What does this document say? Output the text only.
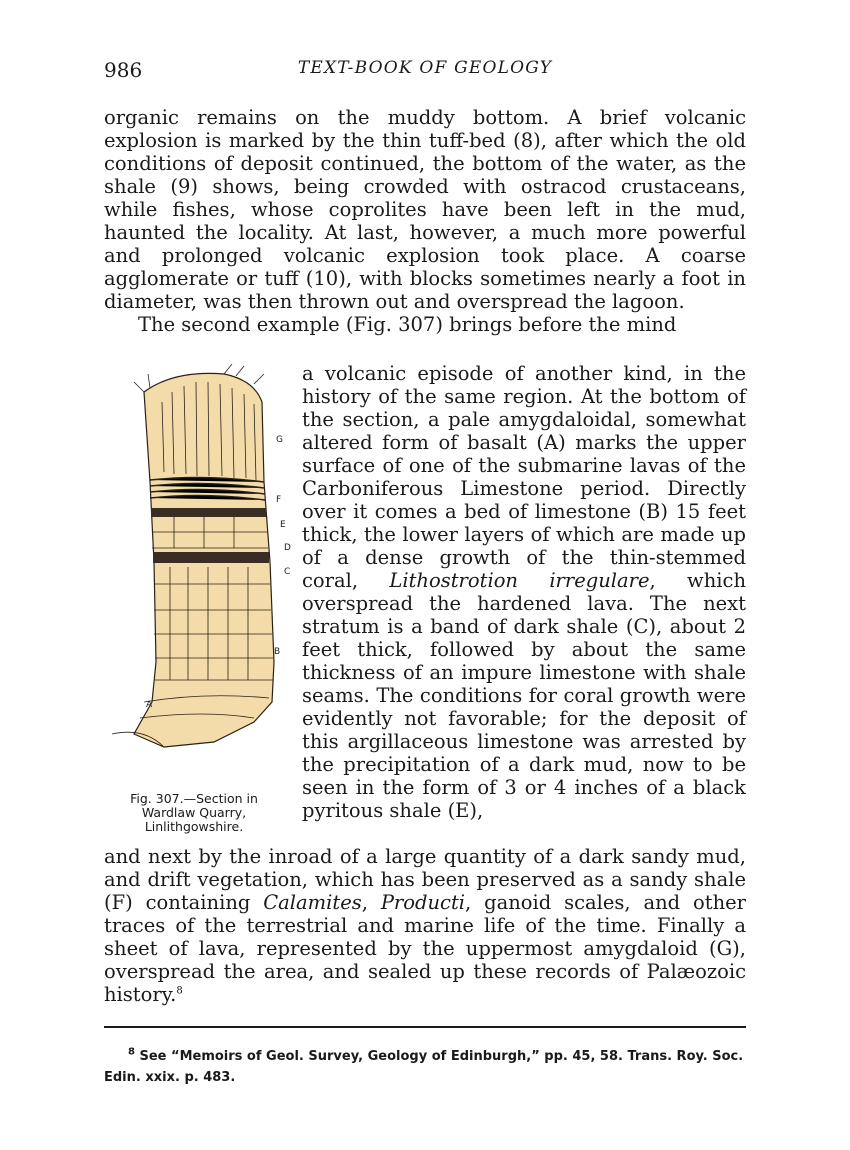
986	TEXT-BOOK OF GEOLOGY

organic remains on the muddy bottom. A brief volcanic explosion is marked by the thin tuff-bed (8), after which the old conditions of deposit continued, the bottom of the water, as the shale (9) shows, being crowded with ostracod crustaceans, while fishes, whose coprolites have been left in the mud, haunted the locality. At last, however, a much more powerful and prolonged volcanic explosion took place. A coarse agglomerate or tuff (10), with blocks sometimes nearly a foot in diameter, was then thrown out and overspread the lagoon.

The second example (Fig. 307) brings before the mind

G
F
E
D
C
B
A
Fig. 307.—Section in Wardlaw Quarry, Linlithgowshire.
a volcanic episode of another kind, in the history of the same region. At the bottom of the section, a pale amygdaloidal, somewhat altered form of basalt (A) marks the upper surface of one of the submarine lavas of the Carboniferous Limestone period. Directly over it comes a bed of limestone (B) 15 feet thick, the lower layers of which are made up of a dense growth of the thin-stemmed coral, Lithostrotion irregulare, which overspread the hardened lava. The next stratum is a band of dark shale (C), about 2 feet thick, followed by about the same thickness of an impure limestone with shale seams. The conditions for coral growth were evidently not favorable; for the deposit of this argillaceous limestone was arrested by the precipitation of a dark mud, now to be seen in the form of 3 or 4 inches of a black pyritous shale (E),
and next by the inroad of a large quantity of a dark sandy mud, and drift vegetation, which has been preserved as a sandy shale (F) containing Calamites, Producti, ganoid scales, and other traces of the terrestrial and marine life of the time. Finally a sheet of lava, represented by the uppermost amygdaloid (G), overspread the area, and sealed up these records of Palæozoic history.$^8$
$^8$ See “Memoirs of Geol. Survey, Geology of Edinburgh,” pp. 45, 58. Trans. Roy. Soc. Edin. xxix. p. 483.
